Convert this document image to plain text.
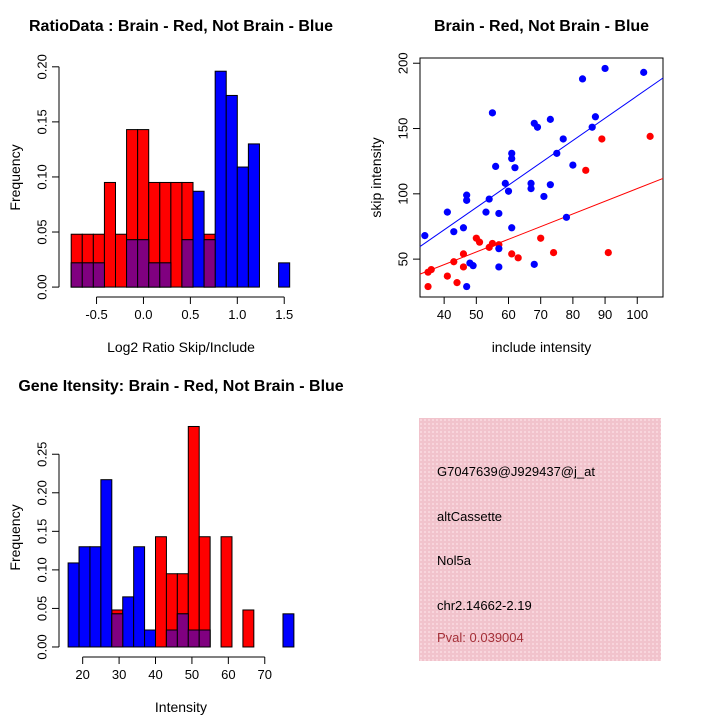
RatioData : Brain - Red, Not Brain - Blue
Log2 Ratio Skip/Include
Frequency
-0.5 0.0 0.5 1.0 1.5
0.00
0.05
0.10
0.15
0.20
Brain - Red, Not Brain - Blue
include intensity
skip intensity
40 50 60 70 80 90 100
50
100
150
200
Gene Itensity: Brain - Red, Not Brain - Blue
Intensity
Frequency
20 30 40 50 60 70
0.00
0.05
0.10
0.15
0.20
0.25
G7047639@J929437@j_at
altCassette
Nol5a
chr2.14662-2.19
Pval: 0.039004
